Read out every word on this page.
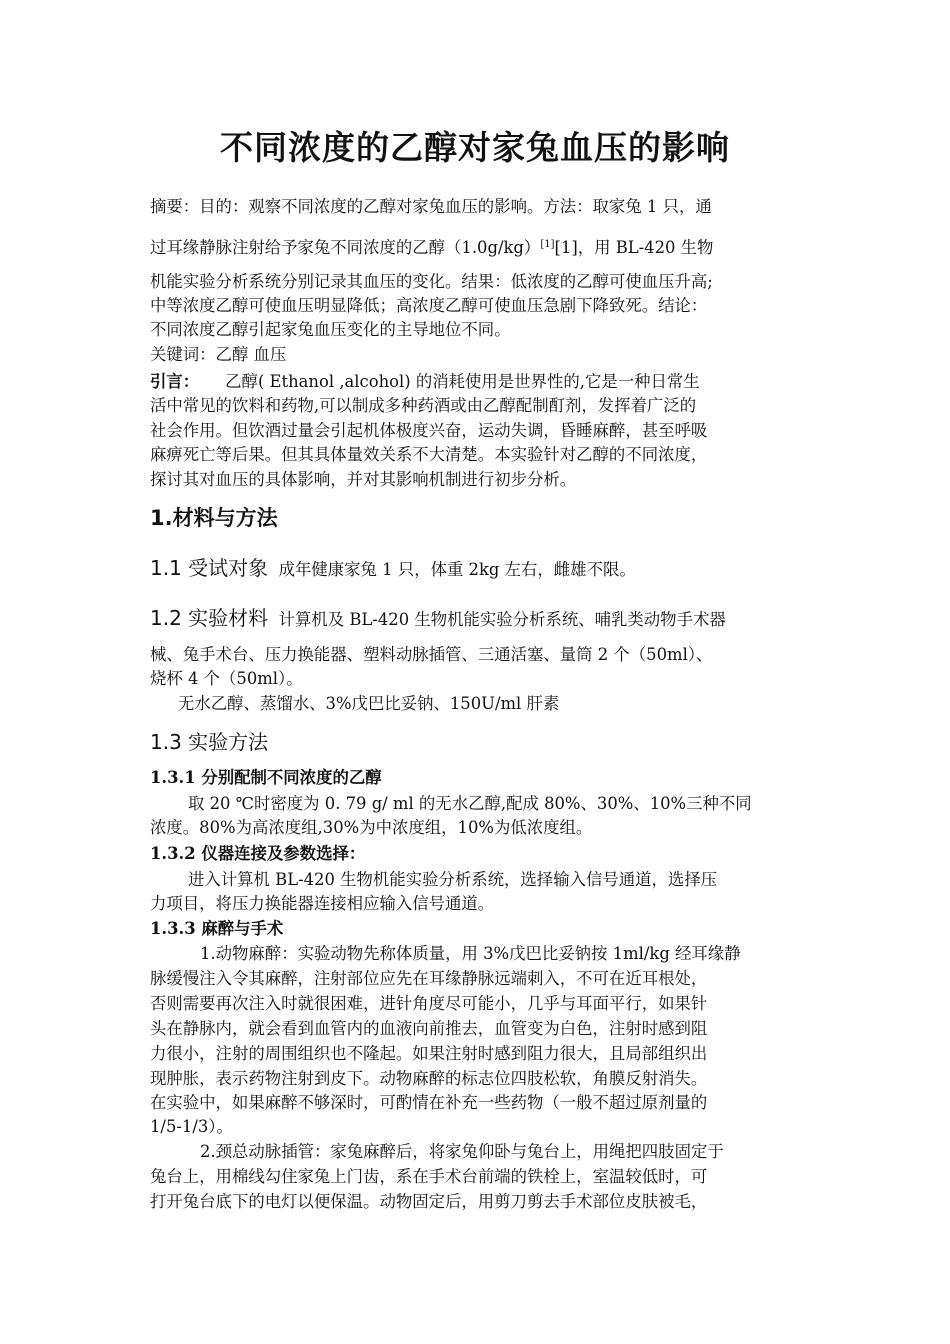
不同浓度的乙醇对家兔血压的影响

摘要：目的：观察不同浓度的乙醇对家兔血压的影响。方法：取家兔 1 只，通

过耳缘静脉注射给予家兔不同浓度的乙醇（1.0g/kg）[1][1]，用 BL-420 生物

机能实验分析系统分别记录其血压的变化。结果：低浓度的乙醇可使血压升高;

中等浓度乙醇可使血压明显降低；高浓度乙醇可使血压急剧下降致死。结论：

不同浓度乙醇引起家兔血压变化的主导地位不同。

关键词：乙醇 血压

引言： 乙醇( Ethanol ,alcohol) 的消耗使用是世界性的,它是一种日常生

活中常见的饮料和药物,可以制成多种药酒或由乙醇配制酊剂，发挥着广泛的

社会作用。但饮酒过量会引起机体极度兴奋，运动失调，昏睡麻醉，甚至呼吸

麻痹死亡等后果。但其具体量效关系不大清楚。本实验针对乙醇的不同浓度，

探讨其对血压的具体影响，并对其影响机制进行初步分析。

1.材料与方法

1.1 受试对象 成年健康家兔 1 只，体重 2kg 左右，雌雄不限。

1.2 实验材料 计算机及 BL-420 生物机能实验分析系统、哺乳类动物手术器

械、兔手术台、压力换能器、塑料动脉插管、三通活塞、量筒 2 个（50ml）、

烧杯 4 个（50ml）。

无水乙醇、蒸馏水、3%戊巴比妥钠、150U/ml 肝素

1.3 实验方法

1.3.1 分别配制不同浓度的乙醇

取 20 ℃时密度为 0. 79 g/ ml 的无水乙醇,配成 80%、30%、10%三种不同

浓度。80%为高浓度组,30%为中浓度组，10%为低浓度组。

1.3.2 仪器连接及参数选择：

进入计算机 BL-420 生物机能实验分析系统，选择输入信号通道，选择压

力项目，将压力换能器连接相应输入信号通道。

1.3.3 麻醉与手术

1.动物麻醉：实验动物先称体质量，用 3%戊巴比妥钠按 1ml/kg 经耳缘静

脉缓慢注入令其麻醉，注射部位应先在耳缘静脉远端刺入，不可在近耳根处，

否则需要再次注入时就很困难，进针角度尽可能小，几乎与耳面平行，如果针

头在静脉内，就会看到血管内的血液向前推去，血管变为白色，注射时感到阻

力很小，注射的周围组织也不隆起。如果注射时感到阻力很大，且局部组织出

现肿胀，表示药物注射到皮下。动物麻醉的标志位四肢松软，角膜反射消失。

在实验中，如果麻醉不够深时，可酌情在补充一些药物（一般不超过原剂量的

1/5-1/3）。

2.颈总动脉插管：家兔麻醉后，将家兔仰卧与兔台上，用绳把四肢固定于

兔台上，用棉线勾住家兔上门齿，系在手术台前端的铁栓上，室温较低时，可

打开兔台底下的电灯以便保温。动物固定后，用剪刀剪去手术部位皮肤被毛，
